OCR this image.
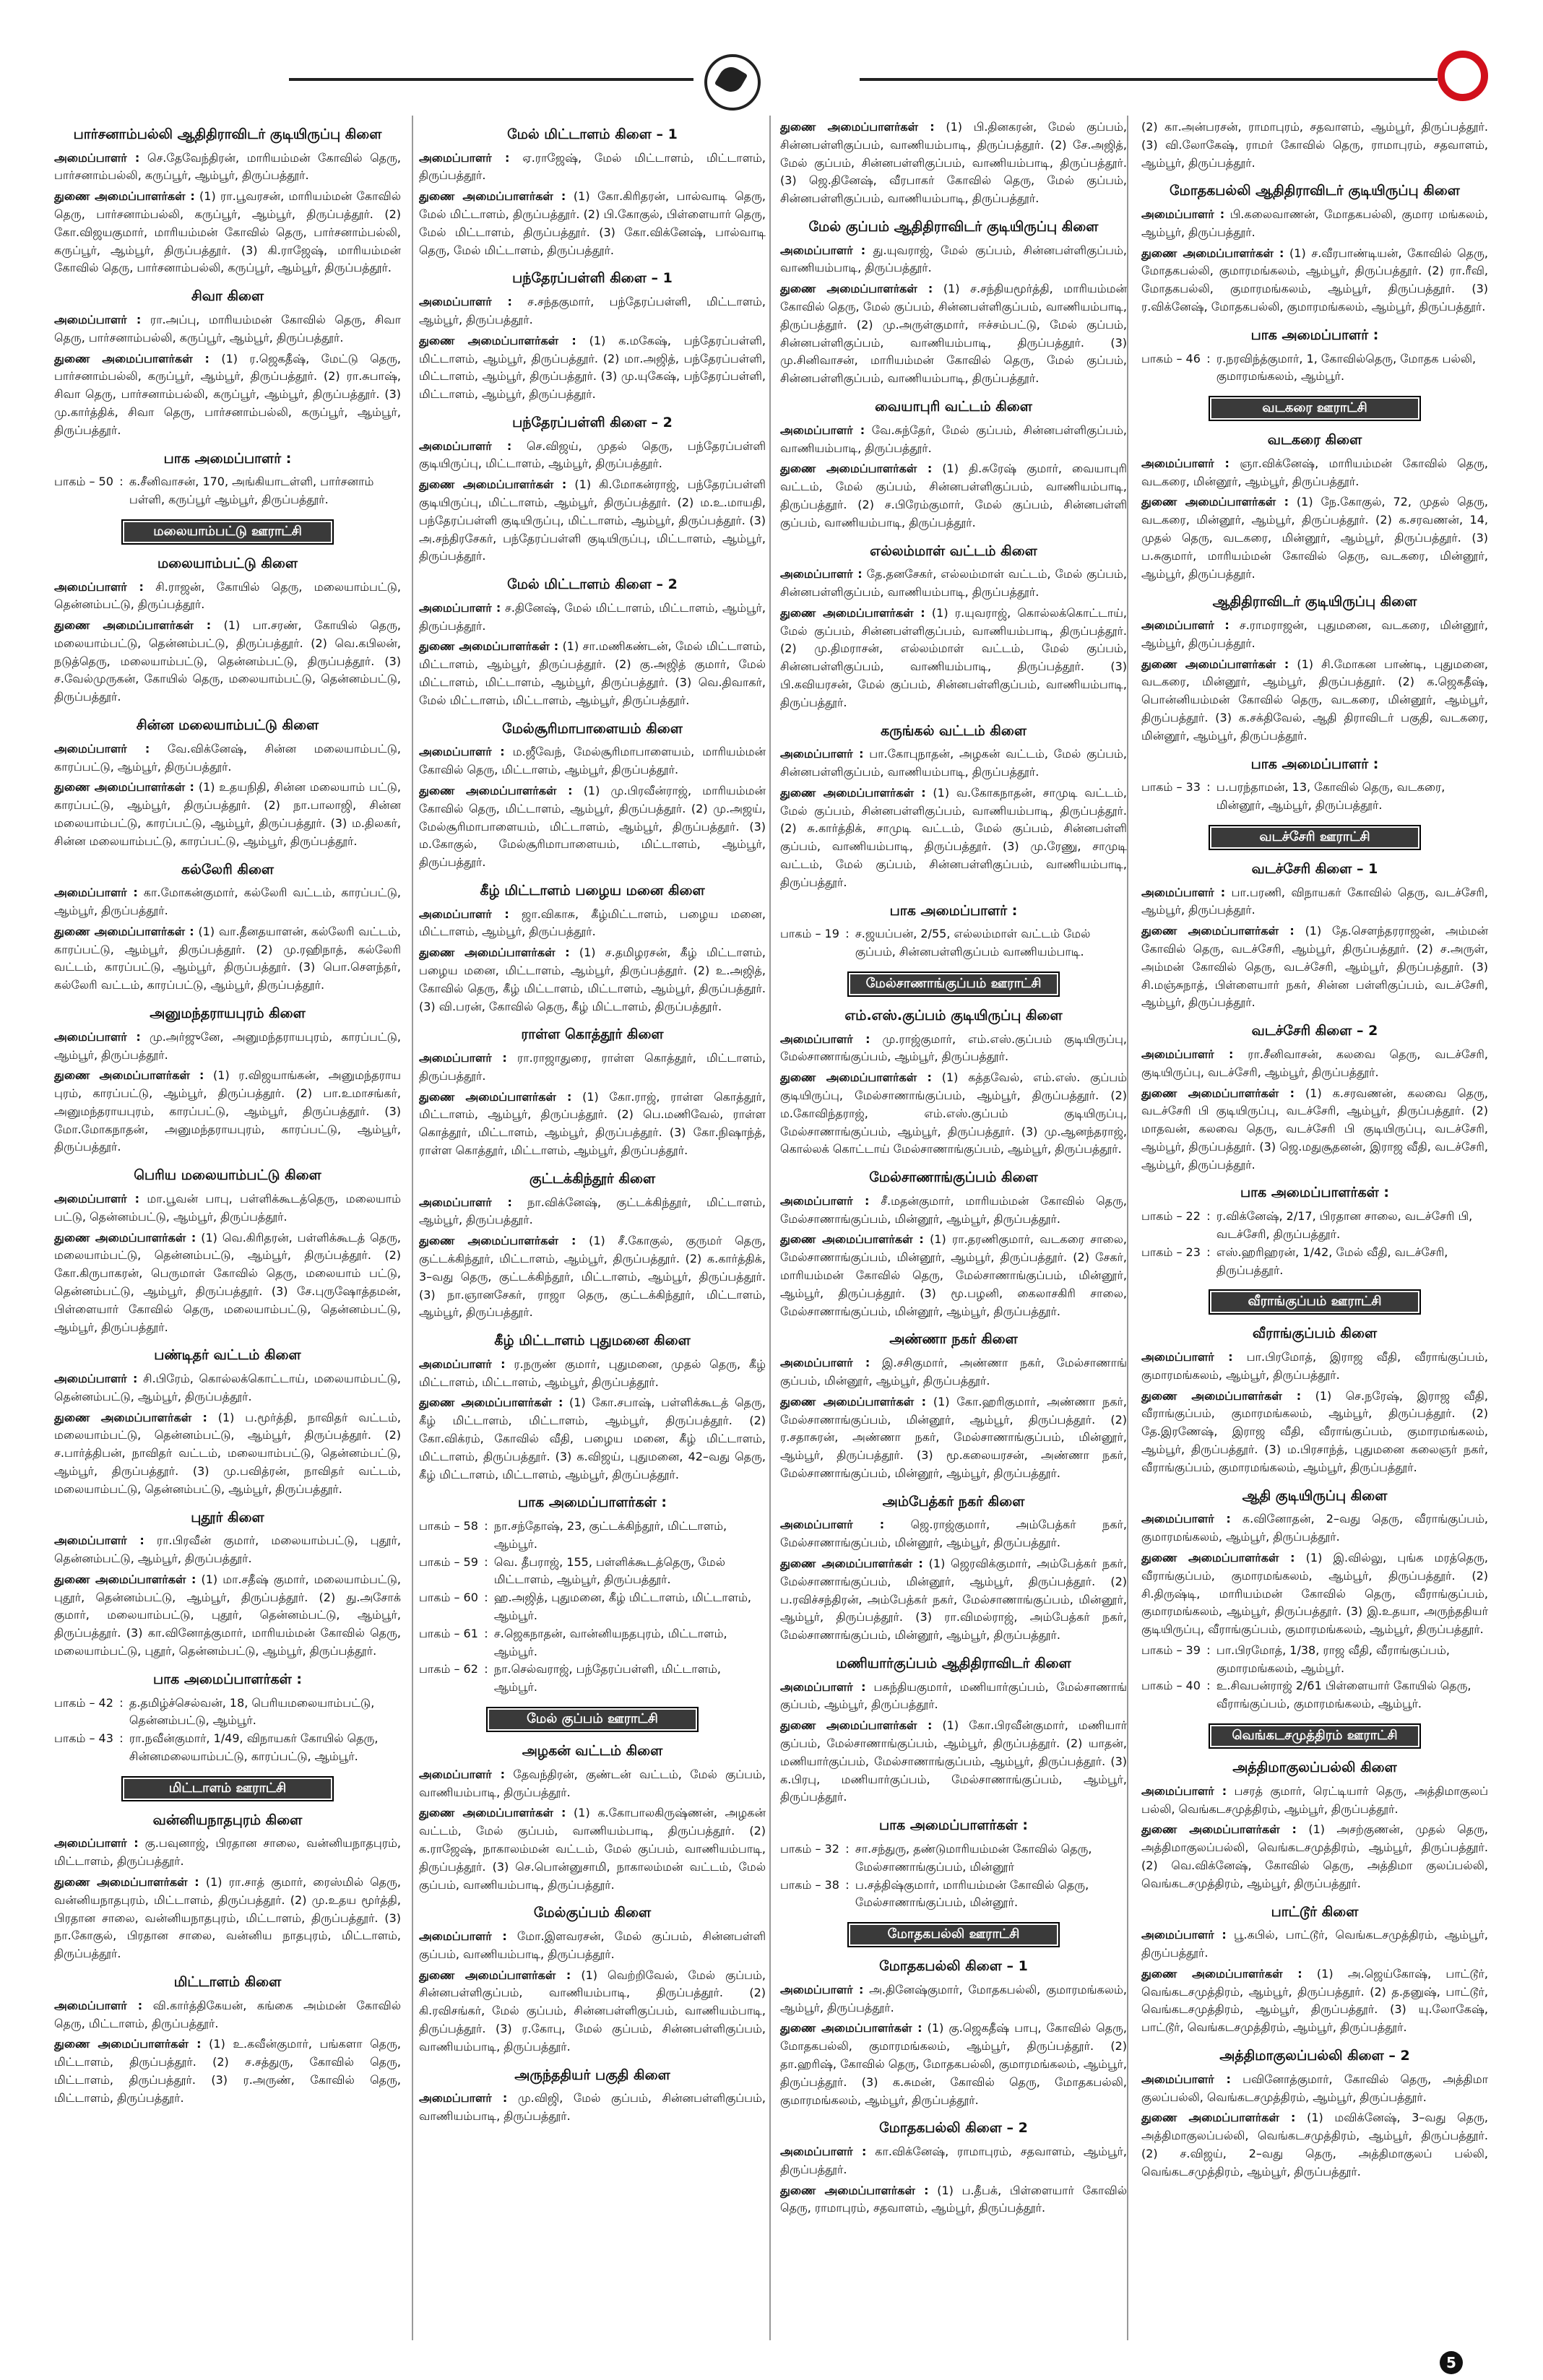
பார்சனாம்பல்லி ஆதிதிராவிடர் குடியிருப்பு கிளை
அமைப்பாளர் : செ.தேவேந்திரன், மாரியம்மன் கோவில் தெரு, பார்சனாம்பல்லி, கருப்பூர், ஆம்பூர், திருப்பத்தூர்.
துணை அமைப்பாளர்கள் : (1) ரா.பூவரசன், மாரியம்மன் கோவில் தெரு, பார்சனாம்பல்லி, கருப்பூர், ஆம்பூர், திருப்பத்தூர். (2) கோ.விஜயகுமார், மாரியம்மன் கோவில் தெரு, பார்சனாம்பல்லி, கருப்பூர், ஆம்பூர், திருப்பத்தூர். (3) கி.ராஜேஷ், மாரியம்மன் கோவில் தெரு, பார்சனாம்பல்லி, கருப்பூர், ஆம்பூர், திருப்பத்தூர்.
சிவா கிளை
அமைப்பாளர் : ரா.அப்பு, மாரியம்மன் கோவில் தெரு, சிவா தெரு, பார்சனாம்பல்லி, கருப்பூர், ஆம்பூர், திருப்பத்தூர்.
துணை அமைப்பாளர்கள் : (1) ர.ஜெகதீஷ், மேட்டு தெரு, பார்சனாம்பல்லி, கருப்பூர், ஆம்பூர், திருப்பத்தூர். (2) ரா.சுபாஷ், சிவா தெரு, பார்சனாம்பல்லி, கருப்பூர், ஆம்பூர், திருப்பத்தூர். (3) மு.கார்த்திக், சிவா தெரு, பார்சனாம்பல்லி, கருப்பூர், ஆம்பூர், திருப்பத்தூர்.
பாக அமைப்பாளர் :
பாகம் – 50	:	க.சீனிவாசன், 170, அங்கியாடள்ளி, பார்சனாம் பள்ளி, கருப்பூர் ஆம்பூர், திருப்பத்தூர்.
மலையாம்பட்டு ஊராட்சி
மலையாம்பட்டு கிளை
அமைப்பாளர் : சி.ராஜன், கோயில் தெரு, மலையாம்பட்டு, தென்னம்பட்டு, திருப்பத்தூர்.
துணை அமைப்பாளர்கள் : (1) பா.சரண், கோயில் தெரு, மலையாம்பட்டு, தென்னம்பட்டு, திருப்பத்தூர். (2) வெ.கபிலன், நடுத்தெரு, மலையாம்பட்டு, தென்னம்பட்டு, திருப்பத்தூர். (3) ச.வேல்முருகன், கோயில் தெரு, மலையாம்பட்டு, தென்னம்பட்டு, திருப்பத்தூர்.
சின்ன மலையாம்பட்டு கிளை
அமைப்பாளர் : வே.விக்னேஷ், சின்ன மலையாம்பட்டு, காரப்பட்டு, ஆம்பூர், திருப்பத்தூர்.
துணை அமைப்பாளர்கள் : (1) உதயநிதி, சின்ன மலையாம் பட்டு, காரப்பட்டு, ஆம்பூர், திருப்பத்தூர். (2) நா.பாலாஜி, சின்ன மலையாம்பட்டு, காரப்பட்டு, ஆம்பூர், திருப்பத்தூர். (3) ம.திலகர், சின்ன மலையாம்பட்டு, காரப்பட்டு, ஆம்பூர், திருப்பத்தூர்.
கல்லேரி கிளை
அமைப்பாளர் : கா.மோகன்குமார், கல்லேரி வட்டம், காரப்பட்டு, ஆம்பூர், திருப்பத்தூர்.
துணை அமைப்பாளர்கள் : (1) வா.தீனதயாளன், கல்லேரி வட்டம், காரப்பட்டு, ஆம்பூர், திருப்பத்தூர். (2) மு.ரஹிநாத், கல்லேரி வட்டம், காரப்பட்டு, ஆம்பூர், திருப்பத்தூர். (3) பொ.சௌந்தர், கல்லேரி வட்டம், காரப்பட்டு, ஆம்பூர், திருப்பத்தூர்.
அனுமந்தராயபுரம் கிளை
அமைப்பாளர் : மு.அர்ஜுனே, அனுமந்தராயபுரம், காரப்பட்டு, ஆம்பூர், திருப்பத்தூர்.
துணை அமைப்பாளர்கள் : (1) ர.விஜயாங்கன், அனுமந்தராய புரம், காரப்பட்டு, ஆம்பூர், திருப்பத்தூர். (2) பா.உமாசங்கர், அனுமந்தராயபுரம், காரப்பட்டு, ஆம்பூர், திருப்பத்தூர். (3) மோ.மோகநாதன், அனுமந்தராயபுரம், காரப்பட்டு, ஆம்பூர், திருப்பத்தூர்.
பெரிய மலையாம்பட்டு கிளை
அமைப்பாளர் : மா.பூவன் பாபு, பள்ளிக்கூடத்தெரு, மலையாம் பட்டு, தென்னம்பட்டு, ஆம்பூர், திருப்பத்தூர்.
துணை அமைப்பாளர்கள் : (1) வெ.கிரிதரன், பள்ளிக்கூடத் தெரு, மலையாம்பட்டு, தென்னம்பட்டு, ஆம்பூர், திருப்பத்தூர். (2) கோ.கிருபாகரன், பெருமாள் கோவில் தெரு, மலையாம் பட்டு, தென்னம்பட்டு, ஆம்பூர், திருப்பத்தூர். (3) சே.புருஷோத்தமன், பிள்ளையார் கோவில் தெரு, மலையாம்பட்டு, தென்னம்பட்டு, ஆம்பூர், திருப்பத்தூர்.
பண்டிதர் வட்டம் கிளை
அமைப்பாளர் : சி.பிரேம், கொல்லக்கொட்டாய், மலையாம்பட்டு, தென்னம்பட்டு, ஆம்பூர், திருப்பத்தூர்.
துணை அமைப்பாளர்கள் : (1) ப.மூர்த்தி, நாவிதர் வட்டம், மலையாம்பட்டு, தென்னம்பட்டு, ஆம்பூர், திருப்பத்தூர். (2) ச.பார்த்திபன், நாவிதர் வட்டம், மலையாம்பட்டு, தென்னம்பட்டு, ஆம்பூர், திருப்பத்தூர். (3) மு.பவித்ரன், நாவிதர் வட்டம், மலையாம்பட்டு, தென்னம்பட்டு, ஆம்பூர், திருப்பத்தூர்.
புதூர் கிளை
அமைப்பாளர் : ரா.பிரவீன் குமார், மலையாம்பட்டு, புதூர், தென்னம்பட்டு, ஆம்பூர், திருப்பத்தூர்.
துணை அமைப்பாளர்கள் : (1) மா.சதீஷ் குமார், மலையாம்பட்டு, புதூர், தென்னம்பட்டு, ஆம்பூர், திருப்பத்தூர். (2) து.அசோக் குமார், மலையாம்பட்டு, புதூர், தென்னம்பட்டு, ஆம்பூர், திருப்பத்தூர். (3) கா.வினோத்குமார், மாரியம்மன் கோவில் தெரு, மலையாம்பட்டு, புதூர், தென்னம்பட்டு, ஆம்பூர், திருப்பத்தூர்.
பாக அமைப்பாளர்கள் :
பாகம் – 42	:	த.தமிழ்ச்செல்வன், 18, பெரியமலையாம்பட்டு, தென்னம்பட்டு, ஆம்பூர்.
பாகம் – 43	:	ரா.நவீன்குமார், 1/49, விநாயகர் கோயில் தெரு, சின்னமலையாம்பட்டு, காரப்பட்டு, ஆம்பூர்.
மிட்டாளம் ஊராட்சி
வன்னியநாதபுரம் கிளை
அமைப்பாளர் : கு.பவுனாஜ், பிரதான சாலை, வன்னியநாதபுரம், மிட்டாளம், திருப்பத்தூர்.
துணை அமைப்பாளர்கள் : (1) ரா.சாத் குமார், ரைஸ்மில் தெரு, வன்னியநாதபுரம், மிட்டாளம், திருப்பத்தூர். (2) மு.உதய மூர்த்தி, பிரதான சாலை, வன்னியநாதபுரம், மிட்டாளம், திருப்பத்தூர். (3) நா.கோகுல், பிரதான சாலை, வன்னிய நாதபுரம், மிட்டாளம், திருப்பத்தூர்.
மிட்டாளம் கிளை
அமைப்பாளர் : வி.கார்த்திகேயன், கங்கை அம்மன் கோவில் தெரு, மிட்டாளம், திருப்பத்தூர்.
துணை அமைப்பாளர்கள் : (1) உ.கவீன்குமார், பங்களா தெரு, மிட்டாளம், திருப்பத்தூர். (2) ச.சத்துரு, கோவில் தெரு, மிட்டாளம், திருப்பத்தூர். (3) ர.அருண், கோவில் தெரு, மிட்டாளம், திருப்பத்தூர்.
மேல் மிட்டாளம் கிளை – 1
அமைப்பாளர் : ஏ.ராஜேஷ், மேல் மிட்டாளம், மிட்டாளம், திருப்பத்தூர்.
துணை அமைப்பாளர்கள் : (1) கோ.கிரிதரன், பால்வாடி தெரு, மேல் மிட்டாளம், திருப்பத்தூர். (2) பி.கோகுல், பிள்ளையார் தெரு, மேல் மிட்டாளம், திருப்பத்தூர். (3) கோ.விக்னேஷ், பால்வாடி தெரு, மேல் மிட்டாளம், திருப்பத்தூர்.
பந்தேரப்பள்ளி கிளை – 1
அமைப்பாளர் : ச.சந்தகுமார், பந்தேரப்பள்ளி, மிட்டாளம், ஆம்பூர், திருப்பத்தூர்.
துணை அமைப்பாளர்கள் : (1) க.மகேஷ், பந்தேரப்பள்ளி, மிட்டாளம், ஆம்பூர், திருப்பத்தூர். (2) மா.அஜித், பந்தேரப்பள்ளி, மிட்டாளம், ஆம்பூர், திருப்பத்தூர். (3) மு.யுகேஷ், பந்தேரப்பள்ளி, மிட்டாளம், ஆம்பூர், திருப்பத்தூர்.
பந்தேரப்பள்ளி கிளை – 2
அமைப்பாளர் : செ.விஜய், முதல் தெரு, பந்தேரப்பள்ளி குடியிருப்பு, மிட்டாளம், ஆம்பூர், திருப்பத்தூர்.
துணை அமைப்பாளர்கள் : (1) கி.மோகன்ராஜ், பந்தேரப்பள்ளி குடியிருப்பு, மிட்டாளம், ஆம்பூர், திருப்பத்தூர். (2) ம.உ.மாயதி, பந்தேரப்பள்ளி குடியிருப்பு, மிட்டாளம், ஆம்பூர், திருப்பத்தூர். (3) அ.சந்திரசேகர், பந்தேரப்பள்ளி குடியிருப்பு, மிட்டாளம், ஆம்பூர், திருப்பத்தூர்.
மேல் மிட்டாளம் கிளை – 2
அமைப்பாளர் : ச.தினேஷ், மேல் மிட்டாளம், மிட்டாளம், ஆம்பூர், திருப்பத்தூர்.
துணை அமைப்பாளர்கள் : (1) சா.மணிகண்டன், மேல் மிட்டாளம், மிட்டாளம், ஆம்பூர், திருப்பத்தூர். (2) கு.அஜித் குமார், மேல் மிட்டாளம், மிட்டாளம், ஆம்பூர், திருப்பத்தூர். (3) வெ.திவாகர், மேல் மிட்டாளம், மிட்டாளம், ஆம்பூர், திருப்பத்தூர்.
மேல்சூரிமாபாளையம் கிளை
அமைப்பாளர் : ம.ஜீவேந், மேல்சூரிமாபாளையம், மாரியம்மன் கோவில் தெரு, மிட்டாளம், ஆம்பூர், திருப்பத்தூர்.
துணை அமைப்பாளர்கள் : (1) மு.பிரவீன்ராஜ், மாரியம்மன் கோவில் தெரு, மிட்டாளம், ஆம்பூர், திருப்பத்தூர். (2) மு.அஜய், மேல்சூரிமாபாளையம், மிட்டாளம், ஆம்பூர், திருப்பத்தூர். (3) ம.கோகுல், மேல்சூரிமாபாளையம், மிட்டாளம், ஆம்பூர், திருப்பத்தூர்.
கீழ் மிட்டாளம் பழைய மனை கிளை
அமைப்பாளர் : ஜா.விகாசு, கீழ்மிட்டாளம், பழைய மனை, மிட்டாளம், ஆம்பூர், திருப்பத்தூர்.
துணை அமைப்பாளர்கள் : (1) ச.தமிழரசன், கீழ் மிட்டாளம், பழைய மனை, மிட்டாளம், ஆம்பூர், திருப்பத்தூர். (2) உ.அஜித், கோவில் தெரு, கீழ் மிட்டாளம், மிட்டாளம், ஆம்பூர், திருப்பத்தூர். (3) வி.பரன், கோவில் தெரு, கீழ் மிட்டாளம், திருப்பத்தூர்.
ராள்ள கொத்தூர் கிளை
அமைப்பாளர் : ரா.ராஜாதுரை, ராள்ள கொத்தூர், மிட்டாளம், திருப்பத்தூர்.
துணை அமைப்பாளர்கள் : (1) கோ.ராஜ், ராள்ள கொத்தூர், மிட்டாளம், ஆம்பூர், திருப்பத்தூர். (2) பெ.மணிவேல், ராள்ள கொத்தூர், மிட்டாளம், ஆம்பூர், திருப்பத்தூர். (3) கோ.நிஷாந்த், ராள்ள கொத்தூர், மிட்டாளம், ஆம்பூர், திருப்பத்தூர்.
குட்டக்கிந்தூர் கிளை
அமைப்பாளர் : நா.விக்னேஷ், குட்டக்கிந்தூர், மிட்டாளம், ஆம்பூர், திருப்பத்தூர்.
துணை அமைப்பாளர்கள் : (1) சீ.கோகுல், குருமர் தெரு, குட்டக்கிந்தூர், மிட்டாளம், ஆம்பூர், திருப்பத்தூர். (2) க.கார்த்திக், 3–வது தெரு, குட்டக்கிந்தூர், மிட்டாளம், ஆம்பூர், திருப்பத்தூர். (3) நா.ஞானசேகர், ராஜா தெரு, குட்டக்கிந்தூர், மிட்டாளம், ஆம்பூர், திருப்பத்தூர்.
கீழ் மிட்டாளம் புதுமனை கிளை
அமைப்பாளர் : ர.நருண் குமார், புதுமனை, முதல் தெரு, கீழ் மிட்டாளம், மிட்டாளம், ஆம்பூர், திருப்பத்தூர்.
துணை அமைப்பாளர்கள் : (1) கோ.சபாஷ், பள்ளிக்கூடத் தெரு, கீழ் மிட்டாளம், மிட்டாளம், ஆம்பூர், திருப்பத்தூர். (2) கோ.விக்ரம், கோவில் வீதி, பழைய மனை, கீழ் மிட்டாளம், மிட்டாளம், திருப்பத்தூர். (3) க.விஜய், புதுமனை, 42–வது தெரு, கீழ் மிட்டாளம், மிட்டாளம், ஆம்பூர், திருப்பத்தூர்.
பாக அமைப்பாளர்கள் :
பாகம் – 58	:	நா.சந்தோஷ், 23, குட்டக்கிந்தூர், மிட்டாளம், ஆம்பூர்.
பாகம் – 59	:	வெ. தீபராஜ், 155, பள்ளிக்கூடத்தெரு, மேல் மிட்டாளம், ஆம்பூர், திருப்பத்தூர்.
பாகம் – 60	:	ஹ.அஜித், புதுமனை, கீழ் மிட்டாளம், மிட்டாளம், ஆம்பூர்.
பாகம் – 61	:	ச.ஜெகநாதன், வான்னியநதபுரம், மிட்டாளம், ஆம்பூர்.
பாகம் – 62	:	நா.செல்வராஜ், பந்தேரப்பள்ளி, மிட்டாளம், ஆம்பூர்.
மேல் குப்பம் ஊராட்சி
அழகன் வட்டம் கிளை
அமைப்பாளர் : தேவந்திரன், குண்டன் வட்டம், மேல் குப்பம், வாணியம்பாடி, திருப்பத்தூர்.
துணை அமைப்பாளர்கள் : (1) க.கோபாலகிருஷ்ணன், அழகன் வட்டம், மேல் குப்பம், வாணியம்பாடி, திருப்பத்தூர். (2) க.ராஜேஷ், நாகாலம்மன் வட்டம், மேல் குப்பம், வாணியம்பாடி, திருப்பத்தூர். (3) செ.பொன்னுசாமி, நாகாலம்மன் வட்டம், மேல் குப்பம், வாணியம்பாடி, திருப்பத்தூர்.
மேல்குப்பம் கிளை
அமைப்பாளர் : மோ.இளவரசன், மேல் குப்பம், சின்னபள்ளி குப்பம், வாணியம்பாடி, திருப்பத்தூர்.
துணை அமைப்பாளர்கள் : (1) வெற்றிவேல், மேல் குப்பம், சின்னபள்ளிகுப்பம், வாணியம்பாடி, திருப்பத்தூர். (2) கி.ரவிசங்கர், மேல் குப்பம், சின்னபள்ளிகுப்பம், வாணியம்பாடி, திருப்பத்தூர். (3) ர.கோபு, மேல் குப்பம், சின்னபள்ளிகுப்பம், வாணியம்பாடி, திருப்பத்தூர்.
அருந்ததியர் பகுதி கிளை
அமைப்பாளர் : மு.விஜி, மேல் குப்பம், சின்னபள்ளிகுப்பம், வாணியம்பாடி, திருப்பத்தூர்.
துணை அமைப்பாளர்கள் : (1) பி.தினகரன், மேல் குப்பம், சின்னபள்ளிகுப்பம், வாணியம்பாடி, திருப்பத்தூர். (2) சே.அஜித், மேல் குப்பம், சின்னபள்ளிகுப்பம், வாணியம்பாடி, திருப்பத்தூர். (3) ஜெ.தினேஷ், வீரபாகர் கோவில் தெரு, மேல் குப்பம், சின்னபள்ளிகுப்பம், வாணியம்பாடி, திருப்பத்தூர்.
மேல் குப்பம் ஆதிதிராவிடர் குடியிருப்பு கிளை
அமைப்பாளர் : து.யுவராஜ், மேல் குப்பம், சின்னபள்ளிகுப்பம், வாணியம்பாடி, திருப்பத்தூர்.
துணை அமைப்பாளர்கள் : (1) ச.சந்தியமூர்த்தி, மாரியம்மன் கோவில் தெரு, மேல் குப்பம், சின்னபள்ளிகுப்பம், வாணியம்பாடி, திருப்பத்தூர். (2) மு.அருள்குமார், ஈச்சம்பட்டு, மேல் குப்பம், சின்னபள்ளிகுப்பம், வாணியம்பாடி, திருப்பத்தூர். (3) மு.சினிவாசன், மாரியம்மன் கோவில் தெரு, மேல் குப்பம், சின்னபள்ளிகுப்பம், வாணியம்பாடி, திருப்பத்தூர்.
வையாபுரி வட்டம் கிளை
அமைப்பாளர் : வே.சுந்தேர், மேல் குப்பம், சின்னபள்ளிகுப்பம், வாணியம்பாடி, திருப்பத்தூர்.
துணை அமைப்பாளர்கள் : (1) தி.சுரேஷ் குமார், வையாபுரி வட்டம், மேல் குப்பம், சின்னபள்ளிகுப்பம், வாணியம்பாடி, திருப்பத்தூர். (2) ச.பிரேம்குமார், மேல் குப்பம், சின்னபள்ளி குப்பம், வாணியம்பாடி, திருப்பத்தூர்.
எல்லம்மாள் வட்டம் கிளை
அமைப்பாளர் : தே.தனசேகர், எல்லம்மாள் வட்டம், மேல் குப்பம், சின்னபள்ளிகுப்பம், வாணியம்பாடி, திருப்பத்தூர்.
துணை அமைப்பாளர்கள் : (1) ர.யுவராஜ், கொல்லக்கொட்டாய், மேல் குப்பம், சின்னபள்ளிகுப்பம், வாணியம்பாடி, திருப்பத்தூர். (2) மு.திமராசன், எல்லம்மாள் வட்டம், மேல் குப்பம், சின்னபள்ளிகுப்பம், வாணியம்பாடி, திருப்பத்தூர். (3) பி.கவியரசன், மேல் குப்பம், சின்னபள்ளிகுப்பம், வாணியம்பாடி, திருப்பத்தூர்.
கருங்கல் வட்டம் கிளை
அமைப்பாளர் : பா.கோபுநாதன், அழகன் வட்டம், மேல் குப்பம், சின்னபள்ளிகுப்பம், வாணியம்பாடி, திருப்பத்தூர்.
துணை அமைப்பாளர்கள் : (1) வ.கோகநாதன், சாமுடி வட்டம், மேல் குப்பம், சின்னபள்ளிகுப்பம், வாணியம்பாடி, திருப்பத்தூர். (2) சு.கார்த்திக், சாமுடி வட்டம், மேல் குப்பம், சின்னபள்ளி குப்பம், வாணியம்பாடி, திருப்பத்தூர். (3) மு.ரேணு, சாமுடி வட்டம், மேல் குப்பம், சின்னபள்ளிகுப்பம், வாணியம்பாடி, திருப்பத்தூர்.
பாக அமைப்பாளர் :
பாகம் – 19	:	ச.ஜயப்பன், 2/55, எல்லம்மாள் வட்டம் மேல் குப்பம், சின்னபள்ளிகுப்பம் வாணியம்பாடி.
மேல்சாணாங்குப்பம் ஊராட்சி
எம்.எஸ்.குப்பம் குடியிருப்பு கிளை
அமைப்பாளர் : மு.ராஜ்குமார், எம்.எஸ்.குப்பம் குடியிருப்பு, மேல்சாணாங்குப்பம், ஆம்பூர், திருப்பத்தூர்.
துணை அமைப்பாளர்கள் : (1) கத்தவேல், எம்.எஸ். குப்பம் குடியிருப்பு, மேல்சாணாங்குப்பம், ஆம்பூர், திருப்பத்தூர். (2) ம.கோவிந்தராஜ், எம்.எஸ்.குப்பம் குடியிருப்பு, மேல்சாணாங்குப்பம், ஆம்பூர், திருப்பத்தூர். (3) மு.ஆனந்தராஜ், கொல்லக் கொட்டாய் மேல்சாணாங்குப்பம், ஆம்பூர், திருப்பத்தூர்.
மேல்சாணாங்குப்பம் கிளை
அமைப்பாளர் : சீ.மதன்குமார், மாரியம்மன் கோவில் தெரு, மேல்சாணாங்குப்பம், மின்னூர், ஆம்பூர், திருப்பத்தூர்.
துணை அமைப்பாளர்கள் : (1) ரா.தரணிகுமார், வடகரை சாலை, மேல்சாணாங்குப்பம், மின்னூர், ஆம்பூர், திருப்பத்தூர். (2) சேகர், மாரியம்மன் கோவில் தெரு, மேல்சாணாங்குப்பம், மின்னூர், ஆம்பூர், திருப்பத்தூர். (3) மூ.பழனி, கைலாசகிரி சாலை, மேல்சாணாங்குப்பம், மின்னூர், ஆம்பூர், திருப்பத்தூர்.
அண்ணா நகர் கிளை
அமைப்பாளர் : இ.சசிகுமார், அண்ணா நகர், மேல்சாணாங் குப்பம், மின்னூர், ஆம்பூர், திருப்பத்தூர்.
துணை அமைப்பாளர்கள் : (1) கோ.ஹரிகுமார், அண்ணா நகர், மேல்சாணாங்குப்பம், மின்னூர், ஆம்பூர், திருப்பத்தூர். (2) ர.சதாசுரன், அண்ணா நகர், மேல்சாணாங்குப்பம், மின்னூர், ஆம்பூர், திருப்பத்தூர். (3) மூ.கலையரசன், அண்ணா நகர், மேல்சாணாங்குப்பம், மின்னூர், ஆம்பூர், திருப்பத்தூர்.
அம்பேத்கர் நகர் கிளை
அமைப்பாளர் : ஜெ.ராஜ்குமார், அம்பேத்கர் நகர், மேல்சாணாங்குப்பம், மின்னூர், ஆம்பூர், திருப்பத்தூர்.
துணை அமைப்பாளர்கள் : (1) ஜெரவிக்குமார், அம்பேத்கர் நகர், மேல்சாணாங்குப்பம், மின்னூர், ஆம்பூர், திருப்பத்தூர். (2) ப.ரவிச்சந்திரன், அம்பேத்கர் நகர், மேல்சாணாங்குப்பம், மின்னூர், ஆம்பூர், திருப்பத்தூர். (3) ரா.விமல்ராஜ், அம்பேத்கர் நகர், மேல்சாணாங்குப்பம், மின்னூர், ஆம்பூர், திருப்பத்தூர்.
மணியார்குப்பம் ஆதிதிராவிடர் கிளை
அமைப்பாளர் : பசுந்தியகுமார், மணியார்குப்பம், மேல்சாணாங் குப்பம், ஆம்பூர், திருப்பத்தூர்.
துணை அமைப்பாளர்கள் : (1) கோ.பிரவீன்குமார், மணியார் குப்பம், மேல்சாணாங்குப்பம், ஆம்பூர், திருப்பத்தூர். (2) யாதன், மணியார்குப்பம், மேல்சாணாங்குப்பம், ஆம்பூர், திருப்பத்தூர். (3) க.பிரபு, மணியார்குப்பம், மேல்சாணாங்குப்பம், ஆம்பூர், திருப்பத்தூர்.
பாக அமைப்பாளர்கள் :
பாகம் – 32	:	சா.சந்துரு, தண்டுமாரியம்மன் கோவில் தெரு, மேல்சாணாங்குப்பம், மின்னூர்
பாகம் – 38	:	ப.சத்திஷ்குமார், மாரியம்மன் கோவில் தெரு, மேல்சாணாங்குப்பம், மின்னூர்.
மோதகபல்லி ஊராட்சி
மோதகபல்லி கிளை – 1
அமைப்பாளர் : அ.தினேஷ்குமார், மோதகபல்லி, குமாரமங்கலம், ஆம்பூர், திருப்பத்தூர்.
துணை அமைப்பாளர்கள் : (1) கு.ஜெகதீஷ் பாபு, கோவில் தெரு, மோதகபல்லி, குமாரமங்கலம், ஆம்பூர், திருப்பத்தூர். (2) தா.ஹரிஷ், கோவில் தெரு, மோதகபல்லி, குமாரமங்கலம், ஆம்பூர், திருப்பத்தூர். (3) க.சுமன், கோவில் தெரு, மோதகபல்லி, குமாரமங்கலம், ஆம்பூர், திருப்பத்தூர்.
மோதகபல்லி கிளை – 2
அமைப்பாளர் : கா.விக்னேஷ், ராமாபுரம், சதவாளம், ஆம்பூர், திருப்பத்தூர்.
துணை அமைப்பாளர்கள் : (1) ப.தீபக், பிள்ளையார் கோவில் தெரு, ராமாபுரம், சதவாளம், ஆம்பூர், திருப்பத்தூர்.
(2) கா.அன்பரசன், ராமாபுரம், சதவாளம், ஆம்பூர், திருப்பத்தூர். (3) வி.லோகேஷ், ராமர் கோவில் தெரு, ராமாபுரம், சதவாளம், ஆம்பூர், திருப்பத்தூர்.
மோதகபல்லி ஆதிதிராவிடர் குடியிருப்பு கிளை
அமைப்பாளர் : பி.கலைவாணன், மோதகபல்லி, குமார மங்கலம், ஆம்பூர், திருப்பத்தூர்.
துணை அமைப்பாளர்கள் : (1) ச.வீரபாண்டியன், கோவில் தெரு, மோதகபல்லி, குமாரமங்கலம், ஆம்பூர், திருப்பத்தூர். (2) ரா.ரீவி, மோதகபல்லி, குமாரமங்கலம், ஆம்பூர், திருப்பத்தூர். (3) ர.விக்னேஷ், மோதகபல்லி, குமாரமங்கலம், ஆம்பூர், திருப்பத்தூர்.
பாக அமைப்பாளர் :
பாகம் – 46	:	ர.நரவிந்த்குமார், 1, கோவில்தெரு, மோதக பல்லி, குமாரமங்கலம், ஆம்பூர்.
வடகரை ஊராட்சி
வடகரை கிளை
அமைப்பாளர் : ஞா.விக்னேஷ், மாரியம்மன் கோவில் தெரு, வடகரை, மின்னூர், ஆம்பூர், திருப்பத்தூர்.
துணை அமைப்பாளர்கள் : (1) நே.கோகுல், 72, முதல் தெரு, வடகரை, மின்னூர், ஆம்பூர், திருப்பத்தூர். (2) க.சரவணன், 14, முதல் தெரு, வடகரை, மின்னூர், ஆம்பூர், திருப்பத்தூர். (3) ப.சுகுமார், மாரியம்மன் கோவில் தெரு, வடகரை, மின்னூர், ஆம்பூர், திருப்பத்தூர்.
ஆதிதிராவிடர் குடியிருப்பு கிளை
அமைப்பாளர் : ச.ராமராஜன், புதுமனை, வடகரை, மின்னூர், ஆம்பூர், திருப்பத்தூர்.
துணை அமைப்பாளர்கள் : (1) சி.மோகன பாண்டி, புதுமனை, வடகரை, மின்னூர், ஆம்பூர், திருப்பத்தூர். (2) க.ஜெகதீஷ், பொன்னியம்மன் கோவில் தெரு, வடகரை, மின்னூர், ஆம்பூர், திருப்பத்தூர். (3) க.சக்திவேல், ஆதி திராவிடர் பகுதி, வடகரை, மின்னூர், ஆம்பூர், திருப்பத்தூர்.
பாக அமைப்பாளர் :
பாகம் – 33	:	ப.பரந்தாமன், 13, கோவில் தெரு, வடகரை, மின்னூர், ஆம்பூர், திருப்பத்தூர்.
வடச்சேரி ஊராட்சி
வடச்சேரி கிளை – 1
அமைப்பாளர் : பா.பரணி, விநாயகர் கோவில் தெரு, வடச்சேரி, ஆம்பூர், திருப்பத்தூர்.
துணை அமைப்பாளர்கள் : (1) தே.சௌந்தரராஜன், அம்மன் கோவில் தெரு, வடச்சேரி, ஆம்பூர், திருப்பத்தூர். (2) ச.அருள், அம்மன் கோவில் தெரு, வடச்சேரி, ஆம்பூர், திருப்பத்தூர். (3) சி.மஞ்சுநாத், பிள்ளையார் நகர், சின்ன பள்ளிகுப்பம், வடச்சேரி, ஆம்பூர், திருப்பத்தூர்.
வடச்சேரி கிளை – 2
அமைப்பாளர் : ரா.சீனிவாசன், கலவை தெரு, வடச்சேரி, குடியிருப்பு, வடச்சேரி, ஆம்பூர், திருப்பத்தூர்.
துணை அமைப்பாளர்கள் : (1) க.சரவணன், கலவை தெரு, வடச்சேரி பி குடியிருப்பு, வடச்சேரி, ஆம்பூர், திருப்பத்தூர். (2) மாதவன், கலவை தெரு, வடச்சேரி பி குடியிருப்பு, வடச்சேரி, ஆம்பூர், திருப்பத்தூர். (3) ஜெ.மதுசூதனன், இராஜ வீதி, வடச்சேரி, ஆம்பூர், திருப்பத்தூர்.
பாக அமைப்பாளர்கள் :
பாகம் – 22	:	ர.விக்னேஷ், 2/17, பிரதான சாலை, வடச்சேரி பி, வடச்சேரி, திருப்பத்தூர்.
பாகம் – 23	:	எஸ்.ஹரிஹரன், 1/42, மேல் வீதி, வடச்சேரி, திருப்பத்தூர்.
வீராங்குப்பம் ஊராட்சி
வீராங்குப்பம் கிளை
அமைப்பாளர் : பா.பிரமோத், இராஜ வீதி, வீராங்குப்பம், குமாரமங்கலம், ஆம்பூர், திருப்பத்தூர்.
துணை அமைப்பாளர்கள் : (1) செ.நரேஷ், இராஜ வீதி, வீராங்குப்பம், குமாரமங்கலம், ஆம்பூர், திருப்பத்தூர். (2) தே.இரணேஷ், இராஜ வீதி, வீராங்குப்பம், குமாரமங்கலம், ஆம்பூர், திருப்பத்தூர். (3) ம.பிரசாந்த், புதுமனை கலைஞர் நகர், வீராங்குப்பம், குமாரமங்கலம், ஆம்பூர், திருப்பத்தூர்.
ஆதி குடியிருப்பு கிளை
அமைப்பாளர் : க.வினோதன், 2–வது தெரு, வீராங்குப்பம், குமாரமங்கலம், ஆம்பூர், திருப்பத்தூர்.
துணை அமைப்பாளர்கள் : (1) இ.வில்லு, புங்க மரத்தெரு, வீராங்குப்பம், குமாரமங்கலம், ஆம்பூர், திருப்பத்தூர். (2) சி.திருஷ்டி, மாரியம்மன் கோவில் தெரு, வீராங்குப்பம், குமாரமங்கலம், ஆம்பூர், திருப்பத்தூர். (3) இ.உதயா, அருந்ததியர் குடியிருப்பு, வீராங்குப்பம், குமாரமங்கலம், ஆம்பூர், திருப்பத்தூர்.
பாகம் – 39	:	பா.பிரமோத், 1/38, ராஜ வீதி, வீராங்குப்பம், குமாரமங்கலம், ஆம்பூர்.
பாகம் – 40	:	உ.சிவபன்ராஜ் 2/61 பிள்ளையார் கோயில் தெரு, வீராங்குப்பம், குமாரமங்கலம், ஆம்பூர்.
வெங்கடசமுத்திரம் ஊராட்சி
அத்திமாகுலப்பல்லி கிளை
அமைப்பாளர் : பசரத் குமார், ரெட்டியார் தெரு, அத்திமாகுலப் பல்லி, வெங்கடசமுத்திரம், ஆம்பூர், திருப்பத்தூர்.
துணை அமைப்பாளர்கள் : (1) அசற்குணன், முதல் தெரு, அத்திமாகுலப்பல்லி, வெங்கடசமுத்திரம், ஆம்பூர், திருப்பத்தூர். (2) வெ.விக்னேஷ், கோவில் தெரு, அத்திமா குலப்பல்லி, வெங்கடசமுத்திரம், ஆம்பூர், திருப்பத்தூர்.
பாட்டூர் கிளை
அமைப்பாளர் : பூ.கபில், பாட்டூர், வெங்கடசமுத்திரம், ஆம்பூர், திருப்பத்தூர்.
துணை அமைப்பாளர்கள் : (1) அ.ஜெய்கோஷ், பாட்டூர், வெங்கடசமுத்திரம், ஆம்பூர், திருப்பத்தூர். (2) த.தனுஷ், பாட்டூர், வெங்கடசமுத்திரம், ஆம்பூர், திருப்பத்தூர். (3) யு.லோகேஷ், பாட்டூர், வெங்கடசமுத்திரம், ஆம்பூர், திருப்பத்தூர்.
அத்திமாகுலப்பல்லி கிளை – 2
அமைப்பாளர் : பவினோத்குமார், கோவில் தெரு, அத்திமா குலப்பல்லி, வெங்கடசமுத்திரம், ஆம்பூர், திருப்பத்தூர்.
துணை அமைப்பாளர்கள் : (1) மவிக்னேஷ், 3–வது தெரு, அத்திமாகுலப்பல்லி, வெங்கடசமுத்திரம், ஆம்பூர், திருப்பத்தூர். (2) ச.விஜய், 2–வது தெரு, அத்திமாகுலப் பல்லி, வெங்கடசமுத்திரம், ஆம்பூர், திருப்பத்தூர்.
5
